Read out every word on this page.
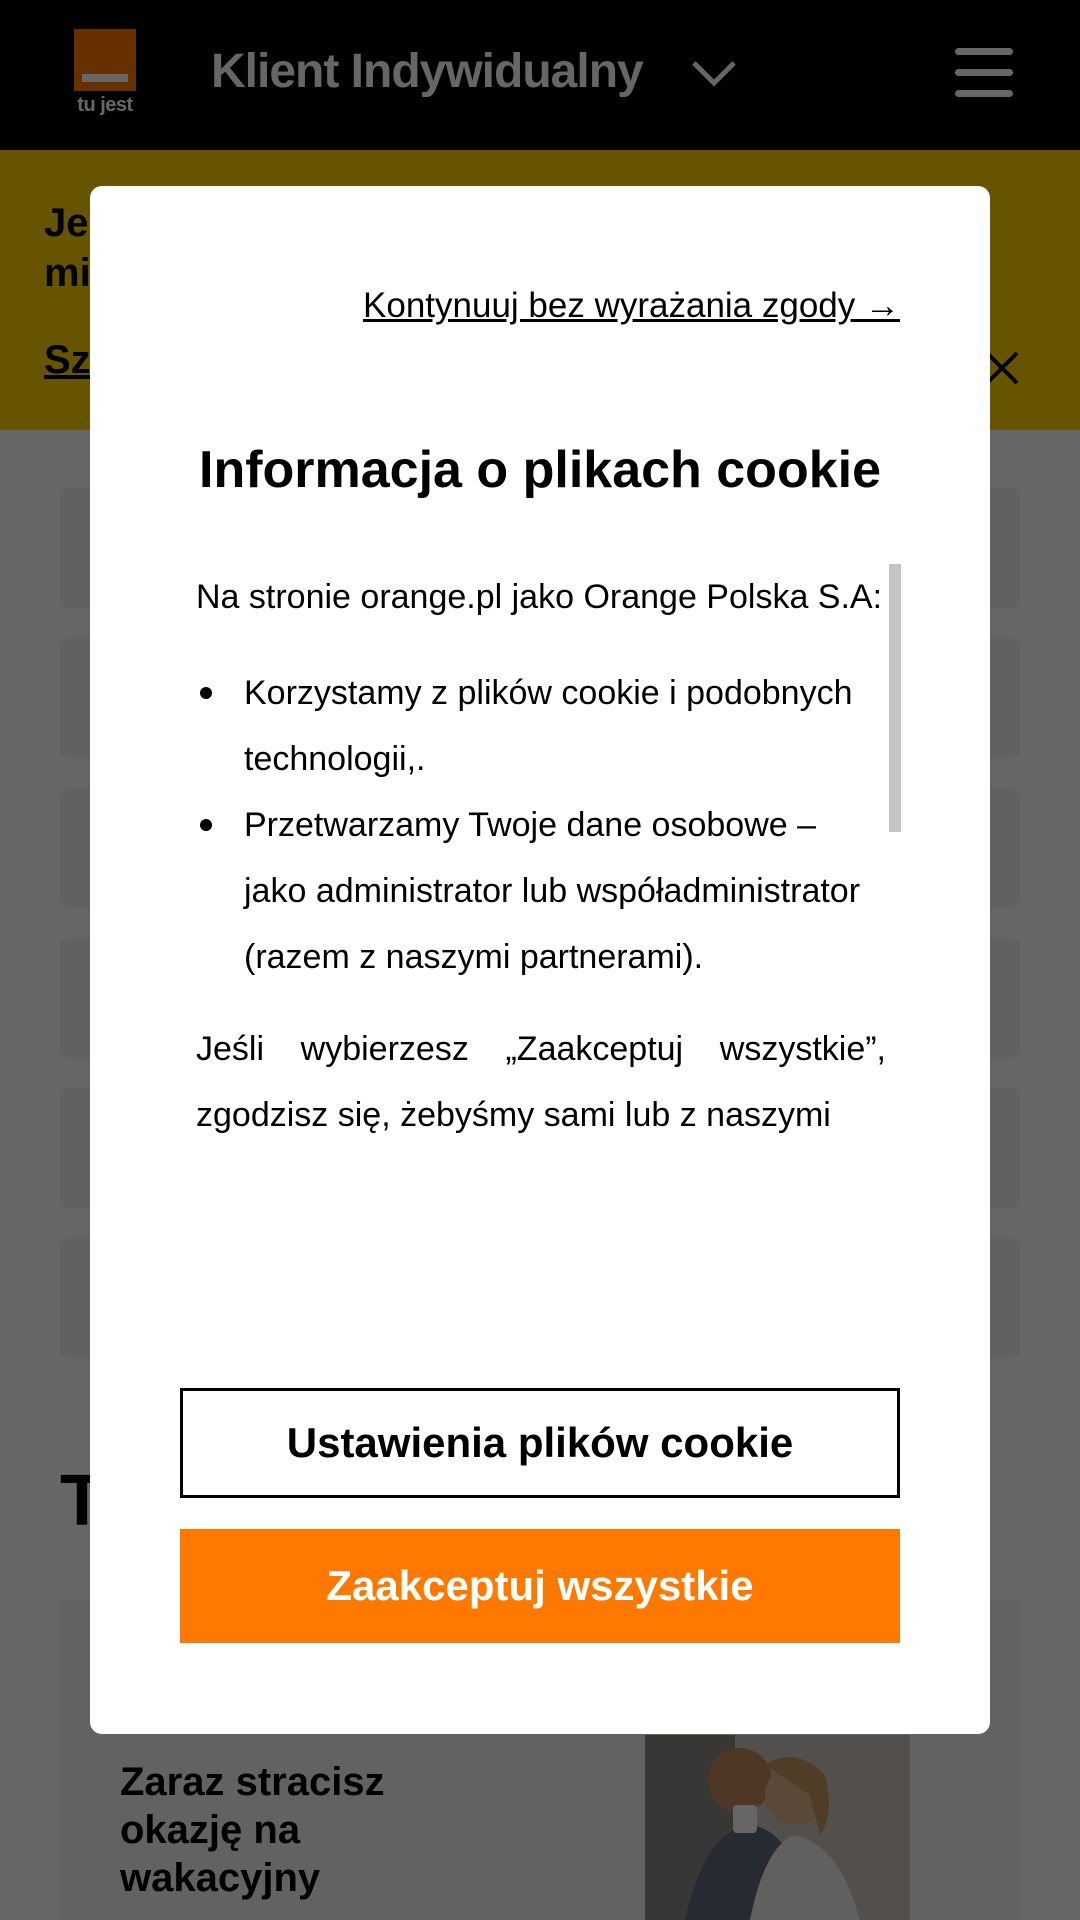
Kontynuuj bez wyrażania zgody →
Informacja o plikach cookie

Na stronie orange.pl jako Orange Polska S.A:

Korzystamy z plików cookie i podobnych technologii,.
Przetwarzamy Twoje dane osobowe – jako administrator lub współadministrator (razem z naszymi partnerami).

Jeśli wybierzesz „Zaakceptuj wszystkie”, zgodzisz się, żebyśmy sami lub z naszymi

Ustawienia plików cookie
Zaakceptuj wszystkie
